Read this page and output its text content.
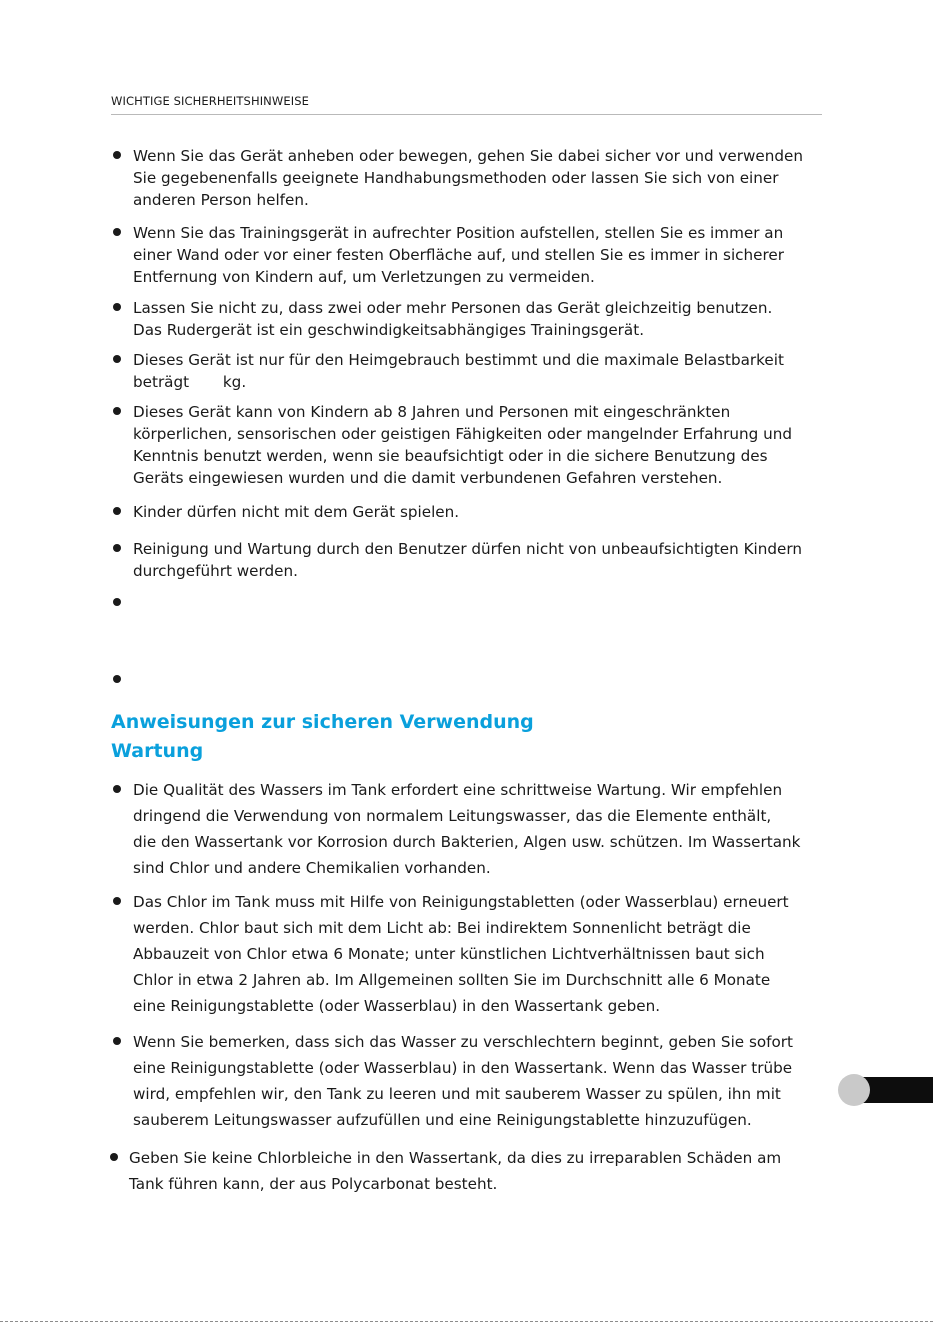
WICHTIGE SICHERHEITSHINWEISE
Wenn Sie das Gerät anheben oder bewegen, gehen Sie dabei sicher vor und verwenden
Sie gegebenenfalls geeignete Handhabungsmethoden oder lassen Sie sich von einer
anderen Person helfen.
Wenn Sie das Trainingsgerät in aufrechter Position aufstellen, stellen Sie es immer an
einer Wand oder vor einer festen Oberfläche auf, und stellen Sie es immer in sicherer
Entfernung von Kindern auf, um Verletzungen zu vermeiden.
Lassen Sie nicht zu, dass zwei oder mehr Personen das Gerät gleichzeitig benutzen.
Das Rudergerät ist ein geschwindigkeitsabhängiges Trainingsgerät.
Dieses Gerät ist nur für den Heimgebrauch bestimmt und die maximale Belastbarkeit
beträgt       kg.
Dieses Gerät kann von Kindern ab 8 Jahren und Personen mit eingeschränkten
körperlichen, sensorischen oder geistigen Fähigkeiten oder mangelnder Erfahrung und
Kenntnis benutzt werden, wenn sie beaufsichtigt oder in die sichere Benutzung des
Geräts eingewiesen wurden und die damit verbundenen Gefahren verstehen.
Kinder dürfen nicht mit dem Gerät spielen.
Reinigung und Wartung durch den Benutzer dürfen nicht von unbeaufsichtigten Kindern
durchgeführt werden.
Anweisungen zur sicheren Verwendung
Wartung
Die Qualität des Wassers im Tank erfordert eine schrittweise Wartung. Wir empfehlen
dringend die Verwendung von normalem Leitungswasser, das die Elemente enthält,
die den Wassertank vor Korrosion durch Bakterien, Algen usw. schützen. Im Wassertank
sind Chlor und andere Chemikalien vorhanden.
Das Chlor im Tank muss mit Hilfe von Reinigungstabletten (oder Wasserblau) erneuert
werden. Chlor baut sich mit dem Licht ab: Bei indirektem Sonnenlicht beträgt die
Abbauzeit von Chlor etwa 6 Monate; unter künstlichen Lichtverhältnissen baut sich
Chlor in etwa 2 Jahren ab. Im Allgemeinen sollten Sie im Durchschnitt alle 6 Monate
eine Reinigungstablette (oder Wasserblau) in den Wassertank geben.
Wenn Sie bemerken, dass sich das Wasser zu verschlechtern beginnt, geben Sie sofort
eine Reinigungstablette (oder Wasserblau) in den Wassertank. Wenn das Wasser trübe
wird, empfehlen wir, den Tank zu leeren und mit sauberem Wasser zu spülen, ihn mit
sauberem Leitungswasser aufzufüllen und eine Reinigungstablette hinzuzufügen.
Geben Sie keine Chlorbleiche in den Wassertank, da dies zu irreparablen Schäden am
Tank führen kann, der aus Polycarbonat besteht.
